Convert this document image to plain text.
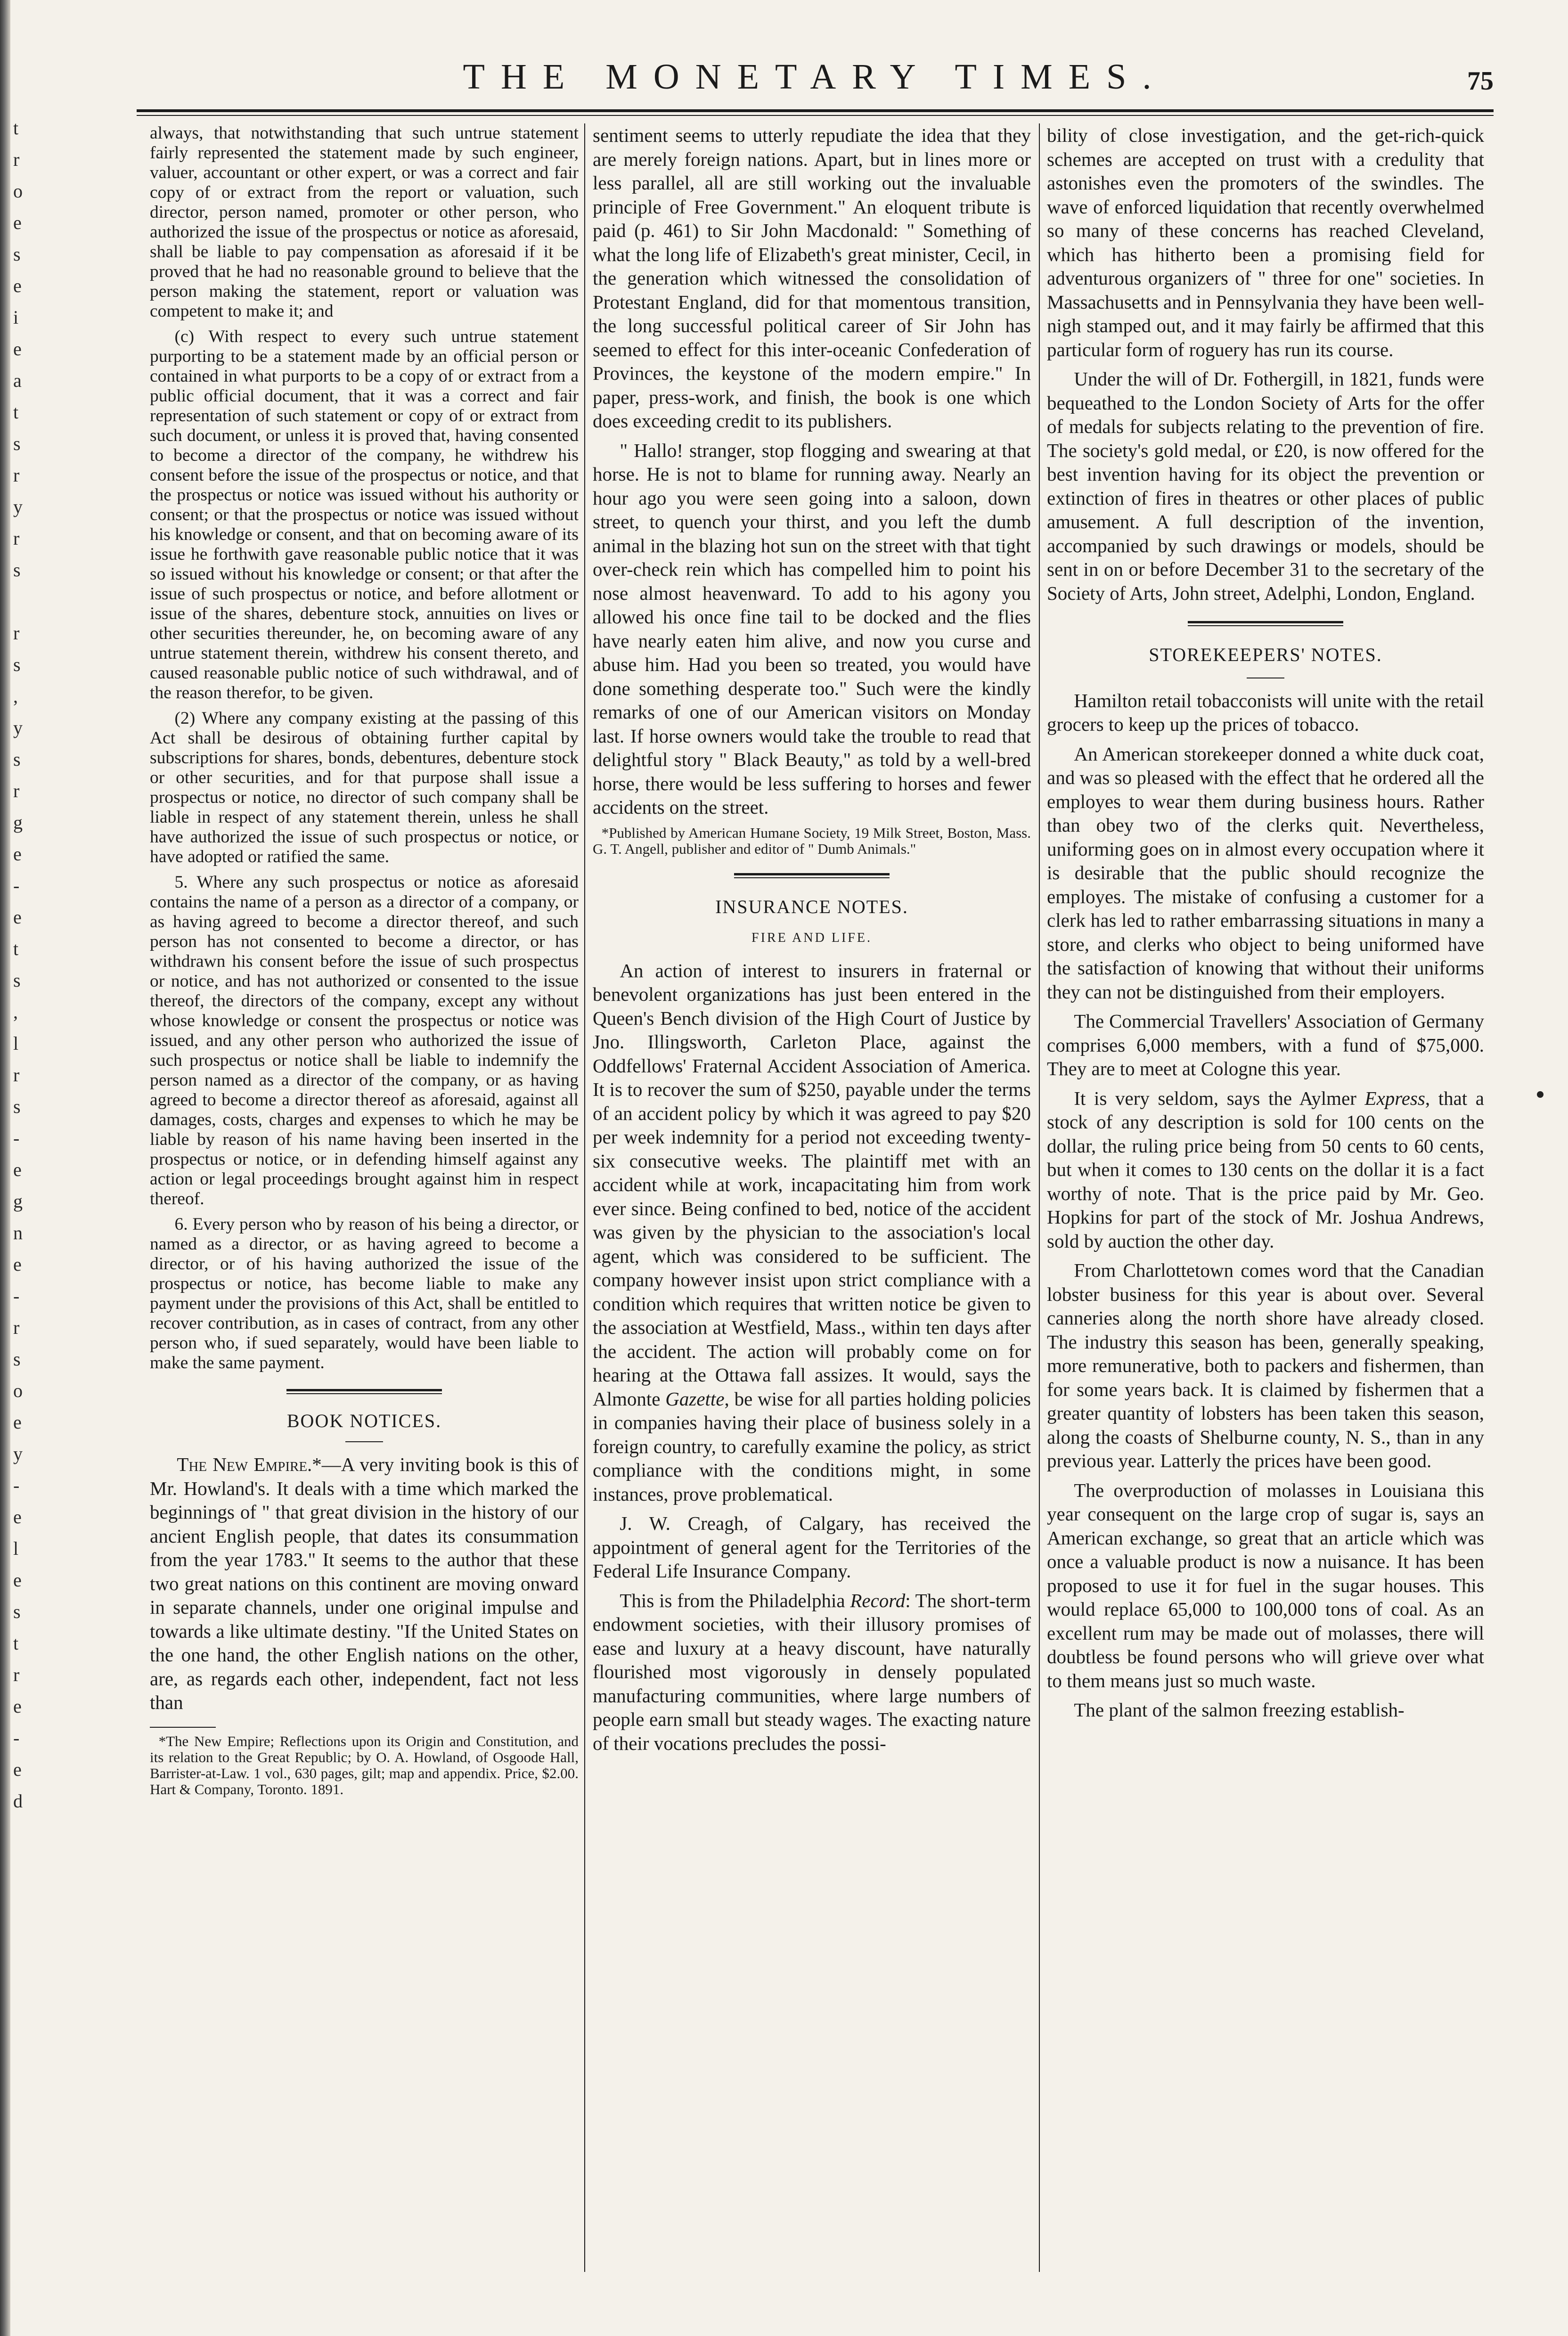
t
r
o
e
s
e
i
e
a
t
s
r
y
r
s
r
s
,
y
s
r
g
e
-
e
t
s
,
l
r
s
-
e
g
n
e
-
r
s
o
e
y
-
e
l
e
s
t
r
e
-
e
d
THE MONETARY TIMES.	75

always, that notwithstanding that such untrue statement fairly represented the statement made by such engineer, valuer, accountant or other expert, or was a correct and fair copy of or extract from the report or valuation, such director, person named, promoter or other person, who authorized the issue of the prospectus or notice as aforesaid, shall be liable to pay compensation as aforesaid if it be proved that he had no reasonable ground to believe that the person making the statement, report or valuation was competent to make it; and

(c) With respect to every such untrue statement purporting to be a statement made by an official person or contained in what purports to be a copy of or extract from a public official document, that it was a correct and fair representation of such statement or copy of or extract from such document, or unless it is proved that, having consented to become a director of the company, he withdrew his consent before the issue of the prospectus or notice, and that the prospectus or notice was issued without his authority or consent; or that the prospectus or notice was issued without his knowledge or consent, and that on becoming aware of its issue he forthwith gave reasonable public notice that it was so issued without his knowledge or consent; or that after the issue of such prospectus or notice, and before allotment or issue of the shares, debenture stock, annuities on lives or other securities thereunder, he, on becoming aware of any untrue statement therein, withdrew his consent thereto, and caused reasonable public notice of such withdrawal, and of the reason therefor, to be given.

(2) Where any company existing at the passing of this Act shall be desirous of obtaining further capital by subscriptions for shares, bonds, debentures, debenture stock or other securities, and for that purpose shall issue a prospectus or notice, no director of such company shall be liable in respect of any statement therein, unless he shall have authorized the issue of such prospectus or notice, or have adopted or ratified the same.

5. Where any such prospectus or notice as aforesaid contains the name of a person as a director of a company, or as having agreed to become a director thereof, and such person has not consented to become a director, or has withdrawn his consent before the issue of such prospectus or notice, and has not authorized or consented to the issue thereof, the directors of the company, except any without whose knowledge or consent the prospectus or notice was issued, and any other person who authorized the issue of such prospectus or notice shall be liable to indemnify the person named as a director of the company, or as having agreed to become a director thereof as aforesaid, against all damages, costs, charges and expenses to which he may be liable by reason of his name having been inserted in the prospectus or notice, or in defending himself against any action or legal proceedings brought against him in respect thereof.

6. Every person who by reason of his being a director, or named as a director, or as having agreed to become a director, or of his having authorized the issue of the prospectus or notice, has become liable to make any payment under the provisions of this Act, shall be entitled to recover contribution, as in cases of contract, from any other person who, if sued separately, would have been liable to make the same payment.

BOOK NOTICES.

The New Empire.*—A very inviting book is this of Mr. Howland's. It deals with a time which marked the beginnings of " that great division in the history of our ancient English people, that dates its consummation from the year 1783." It seems to the author that these two great nations on this continent are moving onward in separate channels, under one original impulse and towards a like ultimate destiny. "If the United States on the one hand, the other English nations on the other, are, as regards each other, independent, fact not less than

*The New Empire; Reflections upon its Origin and Constitution, and its relation to the Great Republic; by O. A. Howland, of Osgoode Hall, Barrister-at-Law. 1 vol., 630 pages, gilt; map and appendix. Price, $2.00. Hart & Company, Toronto. 1891.

sentiment seems to utterly repudiate the idea that they are merely foreign nations. Apart, but in lines more or less parallel, all are still working out the invaluable principle of Free Government." An eloquent tribute is paid (p. 461) to Sir John Macdonald: " Something of what the long life of Elizabeth's great minister, Cecil, in the generation which witnessed the consolidation of Protestant England, did for that momentous transition, the long successful political career of Sir John has seemed to effect for this inter-oceanic Confederation of Provinces, the keystone of the modern empire." In paper, press-work, and finish, the book is one which does exceeding credit to its publishers.

" Hallo! stranger, stop flogging and swearing at that horse. He is not to blame for running away. Nearly an hour ago you were seen going into a saloon, down street, to quench your thirst, and you left the dumb animal in the blazing hot sun on the street with that tight over-check rein which has compelled him to point his nose almost heavenward. To add to his agony you allowed his once fine tail to be docked and the flies have nearly eaten him alive, and now you curse and abuse him. Had you been so treated, you would have done something desperate too." Such were the kindly remarks of one of our American visitors on Monday last. If horse owners would take the trouble to read that delightful story " Black Beauty," as told by a well-bred horse, there would be less suffering to horses and fewer accidents on the street.

*Published by American Humane Society, 19 Milk Street, Boston, Mass. G. T. Angell, publisher and editor of " Dumb Animals."

INSURANCE NOTES.
FIRE AND LIFE.

An action of interest to insurers in fraternal or benevolent organizations has just been entered in the Queen's Bench division of the High Court of Justice by Jno. Illingsworth, Carleton Place, against the Oddfellows' Fraternal Accident Association of America. It is to recover the sum of $250, payable under the terms of an accident policy by which it was agreed to pay $20 per week indemnity for a period not exceeding twenty-six consecutive weeks. The plaintiff met with an accident while at work, incapacitating him from work ever since. Being confined to bed, notice of the accident was given by the physician to the association's local agent, which was considered to be sufficient. The company however insist upon strict compliance with a condition which requires that written notice be given to the association at Westfield, Mass., within ten days after the accident. The action will probably come on for hearing at the Ottawa fall assizes. It would, says the Almonte Gazette, be wise for all parties holding policies in companies having their place of business solely in a foreign country, to carefully examine the policy, as strict compliance with the conditions might, in some instances, prove problematical.

J. W. Creagh, of Calgary, has received the appointment of general agent for the Territories of the Federal Life Insurance Company.

This is from the Philadelphia Record: The short-term endowment societies, with their illusory promises of ease and luxury at a heavy discount, have naturally flourished most vigorously in densely populated manufacturing communities, where large numbers of people earn small but steady wages. The exacting nature of their vocations precludes the possi-

bility of close investigation, and the get-rich-quick schemes are accepted on trust with a credulity that astonishes even the promoters of the swindles. The wave of enforced liquidation that recently overwhelmed so many of these concerns has reached Cleveland, which has hitherto been a promising field for adventurous organizers of " three for one" societies. In Massachusetts and in Pennsylvania they have been well-nigh stamped out, and it may fairly be affirmed that this particular form of roguery has run its course.

Under the will of Dr. Fothergill, in 1821, funds were bequeathed to the London Society of Arts for the offer of medals for subjects relating to the prevention of fire. The society's gold medal, or £20, is now offered for the best invention having for its object the prevention or extinction of fires in theatres or other places of public amusement. A full description of the invention, accompanied by such drawings or models, should be sent in on or before December 31 to the secretary of the Society of Arts, John street, Adelphi, London, England.

STOREKEEPERS' NOTES.

Hamilton retail tobacconists will unite with the retail grocers to keep up the prices of tobacco.

An American storekeeper donned a white duck coat, and was so pleased with the effect that he ordered all the employes to wear them during business hours. Rather than obey two of the clerks quit. Nevertheless, uniforming goes on in almost every occupation where it is desirable that the public should recognize the employes. The mistake of confusing a customer for a clerk has led to rather embarrassing situations in many a store, and clerks who object to being uniformed have the satisfaction of knowing that without their uniforms they can not be distinguished from their employers.

The Commercial Travellers' Association of Germany comprises 6,000 members, with a fund of $75,000. They are to meet at Cologne this year.

It is very seldom, says the Aylmer Express, that a stock of any description is sold for 100 cents on the dollar, the ruling price being from 50 cents to 60 cents, but when it comes to 130 cents on the dollar it is a fact worthy of note. That is the price paid by Mr. Geo. Hopkins for part of the stock of Mr. Joshua Andrews, sold by auction the other day.

From Charlottetown comes word that the Canadian lobster business for this year is about over. Several canneries along the north shore have already closed. The industry this season has been, generally speaking, more remunerative, both to packers and fishermen, than for some years back. It is claimed by fishermen that a greater quantity of lobsters has been taken this season, along the coasts of Shelburne county, N. S., than in any previous year. Latterly the prices have been good.

The overproduction of molasses in Louisiana this year consequent on the large crop of sugar is, says an American exchange, so great that an article which was once a valuable product is now a nuisance. It has been proposed to use it for fuel in the sugar houses. This would replace 65,000 to 100,000 tons of coal. As an excellent rum may be made out of molasses, there will doubtless be found persons who will grieve over what to them means just so much waste.

The plant of the salmon freezing establish-
